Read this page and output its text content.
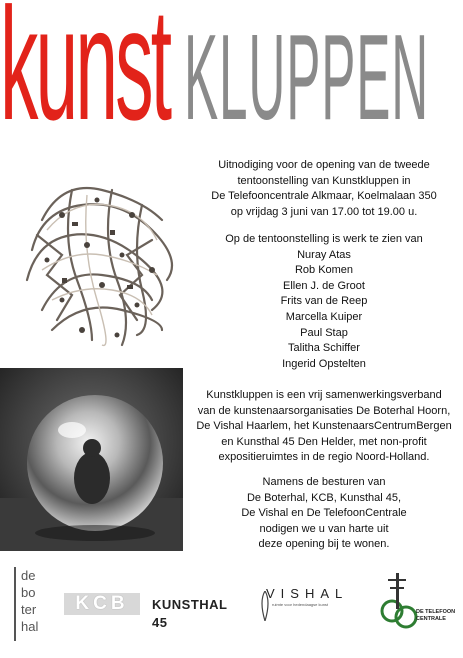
kunst KLUPPEN

Uitnodiging voor de opening van de tweede

tentoonstelling van Kunstkluppen in

De Telefooncentrale Alkmaar, Koelmalaan 350

op vrijdag 3 juni van 17.00 tot 19.00 u.

Op de tentoonstelling is werk te zien van

Nuray Atas

Rob Komen

Ellen J. de Groot

Frits van de Reep

Marcella Kuiper

Paul Stap

Talitha Schiffer

Ingerid Opstelten

Kunstkluppen is een vrij samenwerkingsverband

van de kunstenaarsorganisaties De Boterhal Hoorn,

De Vishal Haarlem, het KunstenaarsCentrumBergen

en Kunsthal 45 Den Helder, met non-profit

expositieruimtes in de regio Noord-Holland.

Namens de besturen van

De Boterhal, KCB, Kunsthal 45,

De Vishal en De TelefoonCentrale

nodigen we u van harte uit

deze opening bij te wonen.

de
bo
ter
hal
KCB	KUNSTHAL 45
VISHAL
ruimte voor hedendaagse kunst
DE TELEFOON
CENTRALE
